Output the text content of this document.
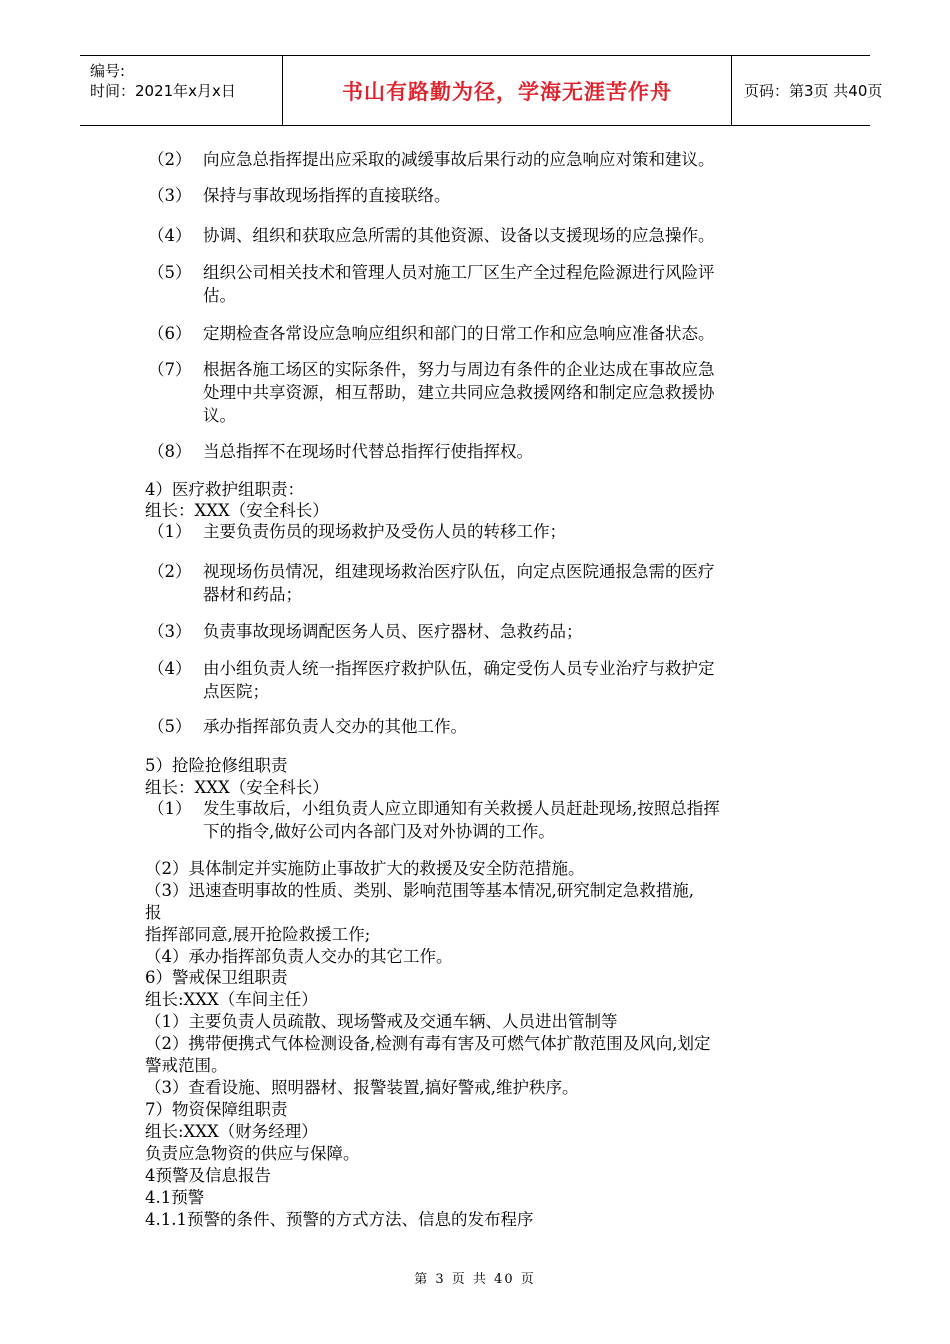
编号:
时间：2021年x月x日	书山有路勤为径，学海无涯苦作舟	页码：第3页 共40页
（2） 向应急总指挥提出应采取的减缓事故后果行动的应急响应对策和建议。
（3） 保持与事故现场指挥的直接联络。
（4） 协调、组织和获取应急所需的其他资源、设备以支援现场的应急操作。
（5） 组织公司相关技术和管理人员对施工厂区生产全过程危险源进行风险评
估。
（6） 定期检查各常设应急响应组织和部门的日常工作和应急响应准备状态。
（7） 根据各施工场区的实际条件，努力与周边有条件的企业达成在事故应急
处理中共享资源，相互帮助，建立共同应急救援网络和制定应急救援协
议。
（8） 当总指挥不在现场时代替总指挥行使指挥权。
4）医疗救护组职责：
组长：XXX（安全科长）
（1） 主要负责伤员的现场救护及受伤人员的转移工作；
（2） 视现场伤员情况，组建现场救治医疗队伍，向定点医院通报急需的医疗
器材和药品；
（3） 负责事故现场调配医务人员、医疗器材、急救药品；
（4） 由小组负责人统一指挥医疗救护队伍，确定受伤人员专业治疗与救护定
点医院；
（5） 承办指挥部负责人交办的其他工作。
5）抢险抢修组职责
组长：XXX（安全科长）
（1） 发生事故后，小组负责人应立即通知有关救援人员赶赴现场,按照总指挥
下的指令,做好公司内各部门及对外协调的工作。
（2）具体制定并实施防止事故扩大的救援及安全防范措施。
（3）迅速查明事故的性质、类别、影响范围等基本情况,研究制定急救措施,
报
指挥部同意,展开抢险救援工作;
（4）承办指挥部负责人交办的其它工作。
6）警戒保卫组职责
组长:XXX（车间主任）
（1）主要负责人员疏散、现场警戒及交通车辆、人员进出管制等
（2）携带便携式气体检测设备,检测有毒有害及可燃气体扩散范围及风向,划定
警戒范围。
（3）查看设施、照明器材、报警装置,搞好警戒,维护秩序。
7）物资保障组职责
组长:XXX（财务经理）
负责应急物资的供应与保障。
4预警及信息报告
4.1预警
4.1.1预警的条件、预警的方式方法、信息的发布程序
第 3 页 共 40 页
